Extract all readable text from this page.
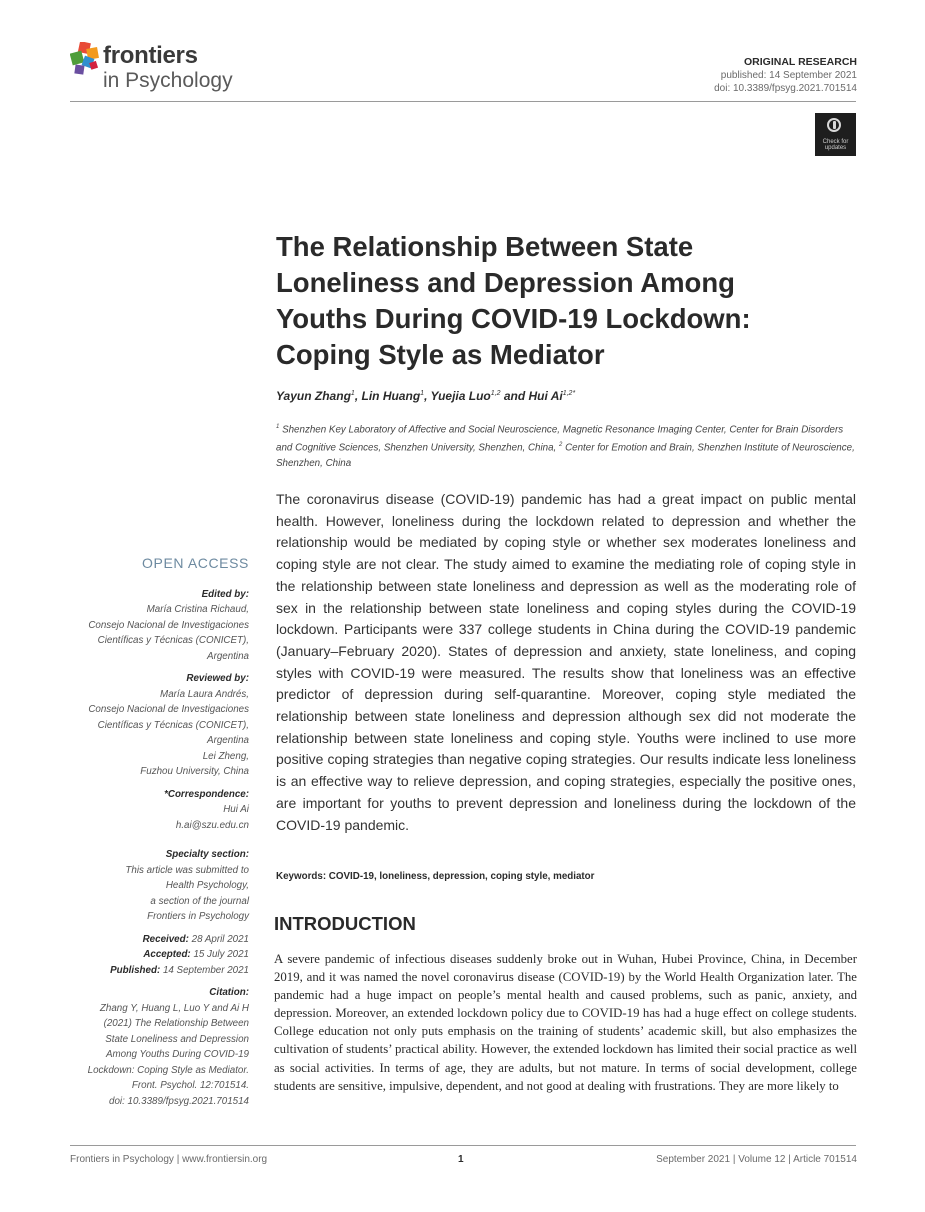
frontiers
in Psychology
ORIGINAL RESEARCH
published: 14 September 2021
doi: 10.3389/fpsyg.2021.701514
Check for updates
The Relationship Between State
Loneliness and Depression Among
Youths During COVID-19 Lockdown:
Coping Style as Mediator
Yayun Zhang$^1$, Lin Huang$^1$, Yuejia Luo$^{1,2}$ and Hui $Ai^{1,2*}$
$^1$ Shenzhen Key Laboratory of Affective and Social Neuroscience, Magnetic Resonance Imaging Center, Center for Brain Disorders and Cognitive Sciences, Shenzhen University, Shenzhen, China, $^2$ Center for Emotion and Brain, Shenzhen Institute of Neuroscience, Shenzhen, China
OPEN ACCESS
Edited by:
María Cristina Richaud,
Consejo Nacional de Investigaciones
Científicas y Técnicas (CONICET),
Argentina
Reviewed by:
María Laura Andrés,
Consejo Nacional de Investigaciones
Científicas y Técnicas (CONICET),
Argentina
Lei Zheng,
Fuzhou University, China
*Correspondence:
Hui Ai
h.ai@szu.edu.cn
Specialty section:
This article was submitted to
Health Psychology,
a section of the journal
Frontiers in Psychology
Received: 28 April 2021
Accepted: 15 July 2021
Published: 14 September 2021
Citation:
Zhang Y, Huang L, Luo Y and Ai H
(2021) The Relationship Between
State Loneliness and Depression
Among Youths During COVID-19
Lockdown: Coping Style as Mediator.
Front. Psychol. 12:701514.
doi: 10.3389/fpsyg.2021.701514

The coronavirus disease (COVID-19) pandemic has had a great impact on public mental health. However, loneliness during the lockdown related to depression and whether the relationship would be mediated by coping style or whether sex moderates loneliness and coping style are not clear. The study aimed to examine the mediating role of coping style in the relationship between state loneliness and depression as well as the moderating role of sex in the relationship between state loneliness and coping styles during the COVID-19 lockdown. Participants were 337 college students in China during the COVID-19 pandemic (January–February 2020). States of depression and anxiety, state loneliness, and coping styles with COVID-19 were measured. The results show that loneliness was an effective predictor of depression during self-quarantine. Moreover, coping style mediated the relationship between state loneliness and depression although sex did not moderate the relationship between state loneliness and coping style. Youths were inclined to use more positive coping strategies than negative coping strategies. Our results indicate less loneliness is an effective way to relieve depression, and coping strategies, especially the positive ones, are important for youths to prevent depression and loneliness during the lockdown of the COVID-19 pandemic.

Keywords: COVID-19, loneliness, depression, coping style, mediator
INTRODUCTION

A severe pandemic of infectious diseases suddenly broke out in Wuhan, Hubei Province, China, in December 2019, and it was named the novel coronavirus disease (COVID-19) by the World Health Organization later. The pandemic had a huge impact on people’s mental health and caused problems, such as panic, anxiety, and depression. Moreover, an extended lockdown policy due to COVID-19 has had a huge effect on college students. College education not only puts emphasis on the training of students’ academic skill, but also emphasizes the cultivation of students’ practical ability. However, the extended lockdown has limited their social practice as well as social activities. In terms of age, they are adults, but not mature. In terms of social development, college students are sensitive, impulsive, dependent, and not good at dealing with frustrations. They are more likely to

Frontiers in Psychology | www.frontiersin.org	1	September 2021 | Volume 12 | Article 701514
